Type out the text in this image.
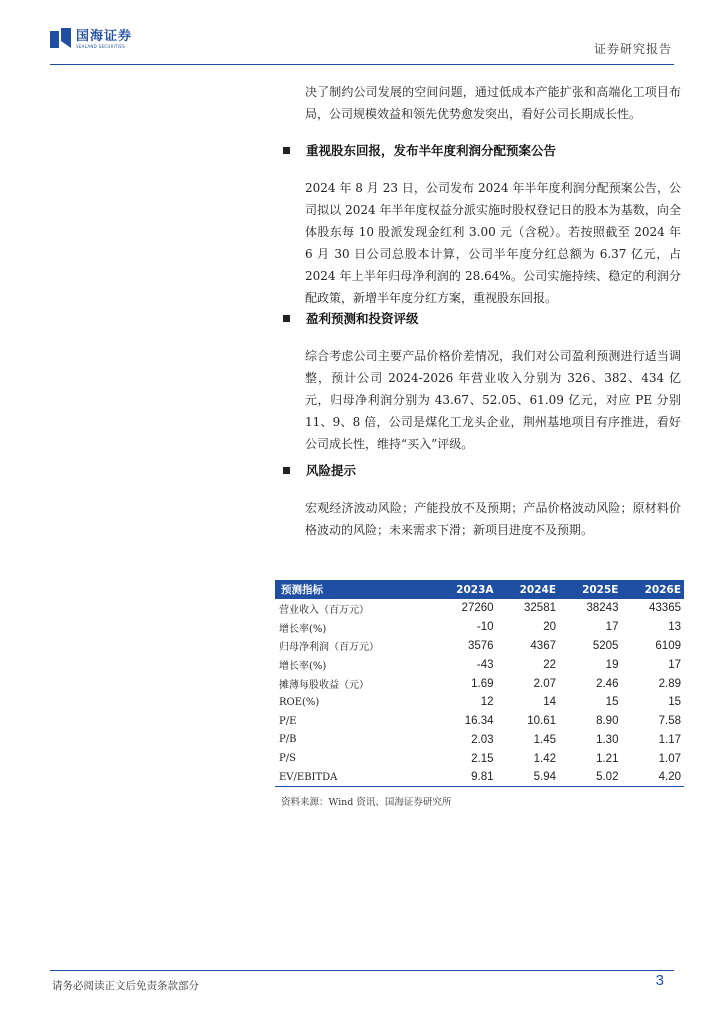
国海证券
SEALAND SECURITIES	证券研究报告

决了制约公司发展的空间问题，通过低成本产能扩张和高端化工项目布局，公司规模效益和领先优势愈发突出，看好公司长期成长性。

重视股东回报，发布半年度利润分配预案公告

2024 年 8 月 23 日，公司发布 2024 年半年度利润分配预案公告，公司拟以 2024 年半年度权益分派实施时股权登记日的股本为基数，向全体股东每 10 股派发现金红利 3.00 元（含税）。若按照截至 2024 年 6 月 30 日公司总股本计算，公司半年度分红总额为 6.37 亿元，占 2024 年上半年归母净利润的 28.64%。公司实施持续、稳定的利润分配政策，新增半年度分红方案，重视股东回报。

盈利预测和投资评级

综合考虑公司主要产品价格价差情况，我们对公司盈利预测进行适当调整，预计公司 2024-2026 年营业收入分别为 326、382、434 亿元，归母净利润分别为 43.67、52.05、61.09 亿元，对应 PE 分别 11、9、8 倍，公司是煤化工龙头企业，荆州基地项目有序推进，看好公司成长性，维持“买入”评级。

风险提示

宏观经济波动风险；产能投放不及预期；产品价格波动风险；原材料价格波动的风险；未来需求下滑；新项目进度不及预期。

预测指标	2023A	2024E	2025E	2026E
营业收入（百万元）	27260	32581	38243	43365
增长率(%)	-10	20	17	13
归母净利润（百万元）	3576	4367	5205	6109
增长率(%)	-43	22	19	17
摊薄每股收益（元）	1.69	2.07	2.46	2.89
ROE(%)	12	14	15	15
P/E	16.34	10.61	8.90	7.58
P/B	2.03	1.45	1.30	1.17
P/S	2.15	1.42	1.21	1.07
EV/EBITDA	9.81	5.94	5.02	4.20
资料来源：Wind 资讯、国海证券研究所
请务必阅读正文后免责条款部分	3
